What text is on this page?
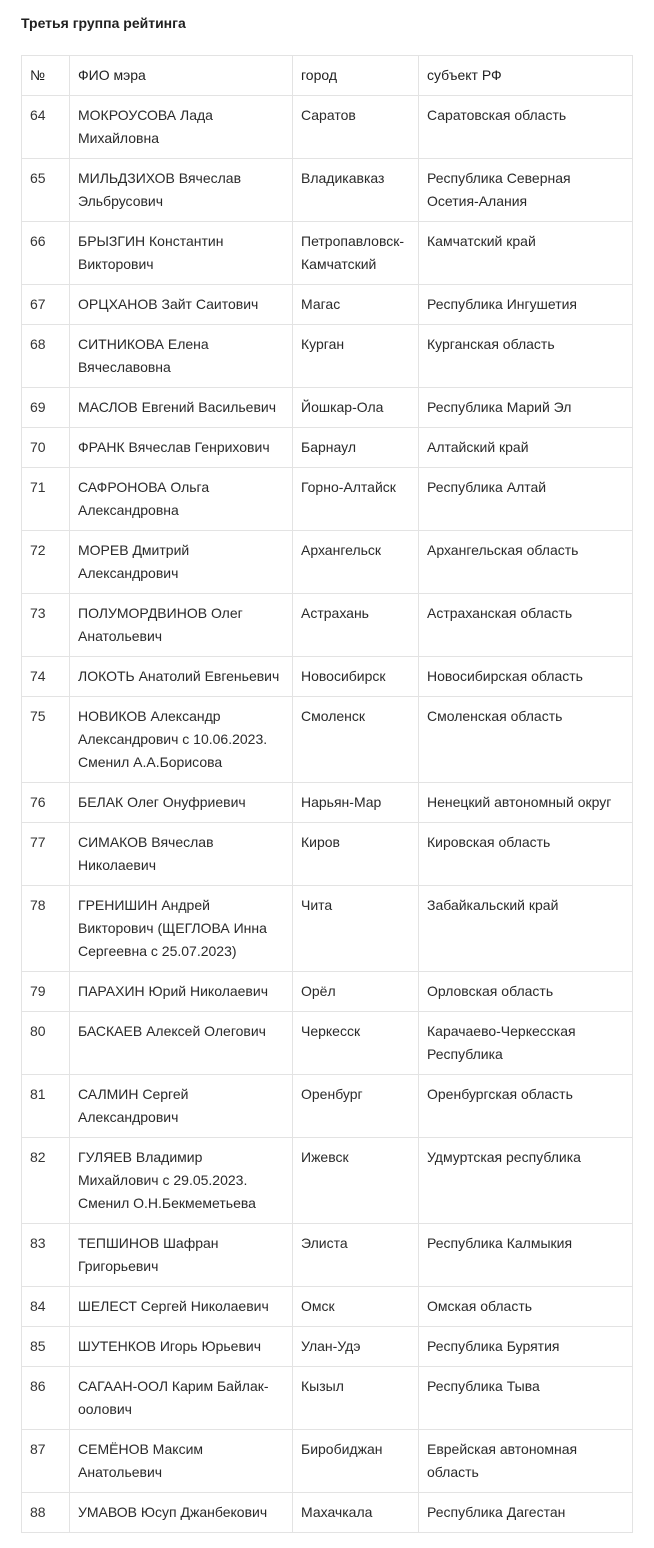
Третья группа рейтинга
№	ФИО мэра	город	субъект РФ
64	МОКРОУСОВА Лада Михайловна	Саратов	Саратовская область
65	МИЛЬДЗИХОВ Вячеслав Эльбрусович	Владикавказ	Республика Северная Осетия-Алания
66	БРЫЗГИН Константин Викторович	Петропавловск-Камчатский	Камчатский край
67	ОРЦХАНОВ Зайт Саитович	Магас	Республика Ингушетия
68	СИТНИКОВА Елена Вячеславовна	Курган	Курганская область
69	МАСЛОВ Евгений Васильевич	Йошкар-Ола	Республика Марий Эл
70	ФРАНК Вячеслав Генрихович	Барнаул	Алтайский край
71	САФРОНОВА Ольга Александровна	Горно-Алтайск	Республика Алтай
72	МОРЕВ Дмитрий Александрович	Архангельск	Архангельская область
73	ПОЛУМОРДВИНОВ Олег Анатольевич	Астрахань	Астраханская область
74	ЛОКОТЬ Анатолий Евгеньевич	Новосибирск	Новосибирская область
75	НОВИКОВ Александр Александрович с 10.06.2023. Сменил А.А.Борисова	Смоленск	Смоленская область
76	БЕЛАК Олег Онуфриевич	Нарьян-Мар	Ненецкий автономный округ
77	СИМАКОВ Вячеслав Николаевич	Киров	Кировская область
78	ГРЕНИШИН Андрей Викторович (ЩЕГЛОВА Инна Сергеевна с 25.07.2023)	Чита	Забайкальский край
79	ПАРАХИН Юрий Николаевич	Орёл	Орловская область
80	БАСКАЕВ Алексей Олегович	Черкесск	Карачаево-Черкесская Республика
81	САЛМИН Сергей Александрович	Оренбург	Оренбургская область
82	ГУЛЯЕВ Владимир Михайлович с 29.05.2023. Сменил О.Н.Бекмеметьева	Ижевск	Удмуртская республика
83	ТЕПШИНОВ Шафран Григорьевич	Элиста	Республика Калмыкия
84	ШЕЛЕСТ Сергей Николаевич	Омск	Омская область
85	ШУТЕНКОВ Игорь Юрьевич	Улан-Удэ	Республика Бурятия
86	САГААН-ООЛ Карим Байлак-оолович	Кызыл	Республика Тыва
87	СЕМЁНОВ Максим Анатольевич	Биробиджан	Еврейская автономная область
88	УМАВОВ Юсуп Джанбекович	Махачкала	Республика Дагестан
